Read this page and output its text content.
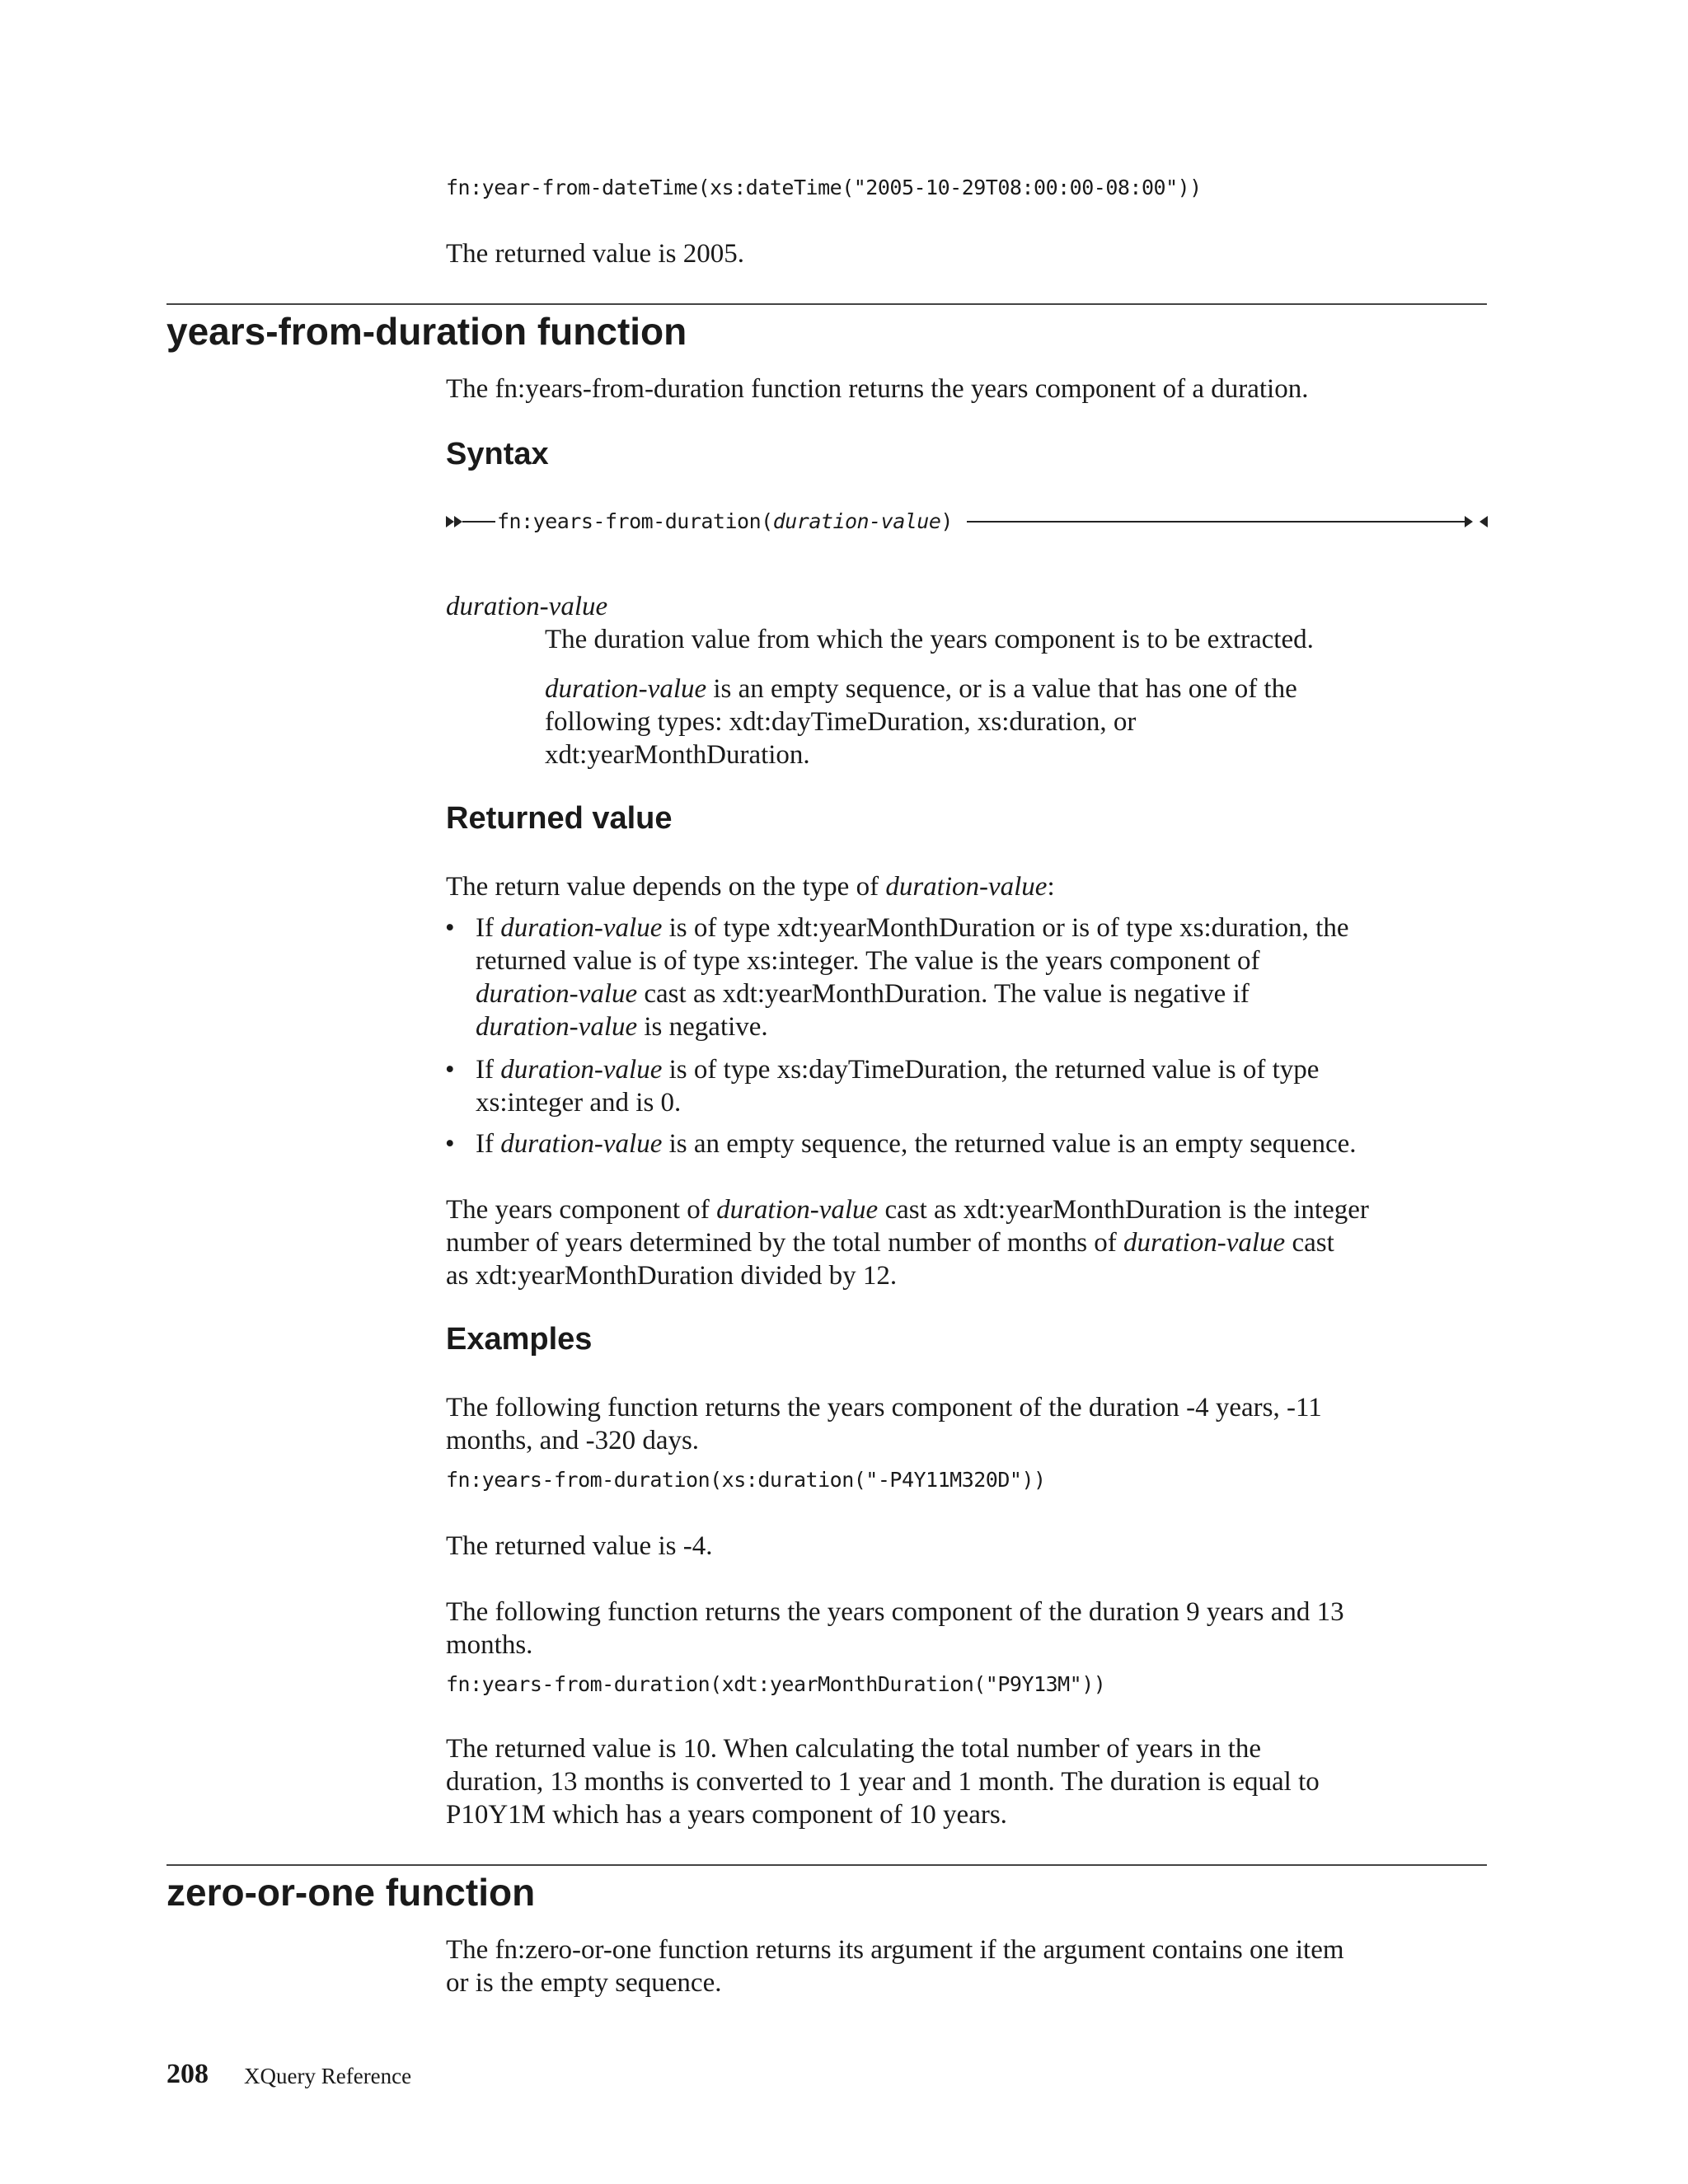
fn:year-from-dateTime(xs:dateTime("2005-10-29T08:00:00-08:00"))
The returned value is 2005.
years-from-duration function
The fn:years-from-duration function returns the years component of a duration.
Syntax
fn:years-from-duration(duration-value)
duration-value
The duration value from which the years component is to be extracted.
duration-value is an empty sequence, or is a value that has one of the
following types: xdt:dayTimeDuration, xs:duration, or
xdt:yearMonthDuration.
Returned value
The return value depends on the type of duration-value:
• If duration-value is of type xdt:yearMonthDuration or is of type xs:duration, the
returned value is of type xs:integer. The value is the years component of
duration-value cast as xdt:yearMonthDuration. The value is negative if
duration-value is negative.
• If duration-value is of type xs:dayTimeDuration, the returned value is of type
xs:integer and is 0.
• If duration-value is an empty sequence, the returned value is an empty sequence.
The years component of duration-value cast as xdt:yearMonthDuration is the integer
number of years determined by the total number of months of duration-value cast
as xdt:yearMonthDuration divided by 12.
Examples
The following function returns the years component of the duration -4 years, -11
months, and -320 days.
fn:years-from-duration(xs:duration("-P4Y11M320D"))
The returned value is -4.
The following function returns the years component of the duration 9 years and 13
months.
fn:years-from-duration(xdt:yearMonthDuration("P9Y13M"))
The returned value is 10. When calculating the total number of years in the
duration, 13 months is converted to 1 year and 1 month. The duration is equal to
P10Y1M which has a years component of 10 years.
zero-or-one function
The fn:zero-or-one function returns its argument if the argument contains one item
or is the empty sequence.
208 XQuery Reference
